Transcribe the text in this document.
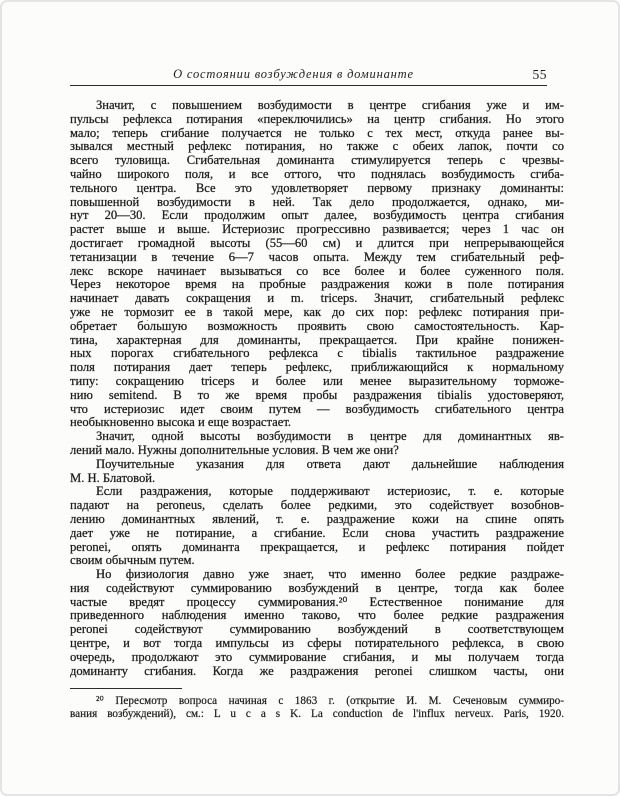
О состоянии возбуждения в доминанте	55
Значит, с повышением возбудимости в центре сгибания уже и им-
пульсы рефлекса потирания «переключились» на центр сгибания. Но этого
мало; теперь сгибание получается не только с тех мест, откуда ранее вы-
зывался местный рефлекс потирания, но также с обеих лапок, почти со
всего туловища. Сгибательная доминанта стимулируется теперь с чрезвы-
чайно широкого поля, и все оттого, что поднялась возбудимость сгиба-
тельного центра. Все это удовлетворяет первому признаку доминанты:
повышенной возбудимости в ней. Так дело продолжается, однако, ми-
нут 20—30. Если продолжим опыт далее, возбудимость центра сгибания
растет выше и выше. Истериозис прогрессивно развивается; через 1 час он
достигает громадной высоты (55—60 см) и длится при непрерывающейся
тетанизации в течение 6—7 часов опыта. Между тем сгибательный реф-
лекс вскоре начинает вызываться со все более и более суженного поля.
Через некоторое время на пробные раздражения кожи в поле потирания
начинает давать сокращения и m. triceps. Значит, сгибательный рефлекс
уже не тормозит ее в такой мере, как до сих пор: рефлекс потирания при-
обретает бо́льшую возможность проявить свою самостоятельность. Кар-
тина, характерная для доминанты, прекращается. При крайне понижен-
ных порогах сгибательного рефлекса с tibialis тактильное раздражение
поля потирания дает теперь рефлекс, приближающийся к нормальному
типу: сокращению triceps и более или менее выразительному торможе-
нию semitend. В то же время пробы раздражения tibialis удостоверяют,
что истериозис идет своим путем — возбудимость сгибательного центра
необыкновенно высока и еще возрастает.
Значит, одной высоты возбудимости в центре для доминантных яв-
лений мало. Нужны дополнительные условия. В чем же они?
Поучительные указания для ответа дают дальнейшие наблюдения
М. Н. Блатовой.
Если раздражения, которые поддерживают истериозис, т. е. которые
падают на peroneus, сделать более редкими, это содействует возобнов-
лению доминантных явлений, т. е. раздражение кожи на спине опять
дает уже не потирание, а сгибание. Если снова участить раздражение
peronei, опять доминанта прекращается, и рефлекс потирания пойдет
своим обычным путем.
Но физиология давно уже знает, что именно более редкие раздраже-
ния содействуют суммированию возбуждений в центре, тогда как более
частые вредят процессу суммирования.²⁰ Естественное понимание для
приведенного наблюдения именно таково, что более редкие раздражения
peronei содействуют суммированию возбуждений в соответствующем
центре, и вот тогда импульсы из сферы потирательного рефлекса, в свою
очередь, продолжают это суммирование сгибания, и мы получаем тогда
доминанту сгибания. Когда же раздражения peronei слишком часты, они
²⁰ Пересмотр вопроса начиная с 1863 г. (открытие И. М. Сеченовым суммиро-
вания возбуждений), см.: L u c a s K. La conduction de l'influx nerveux. Paris, 1920.
